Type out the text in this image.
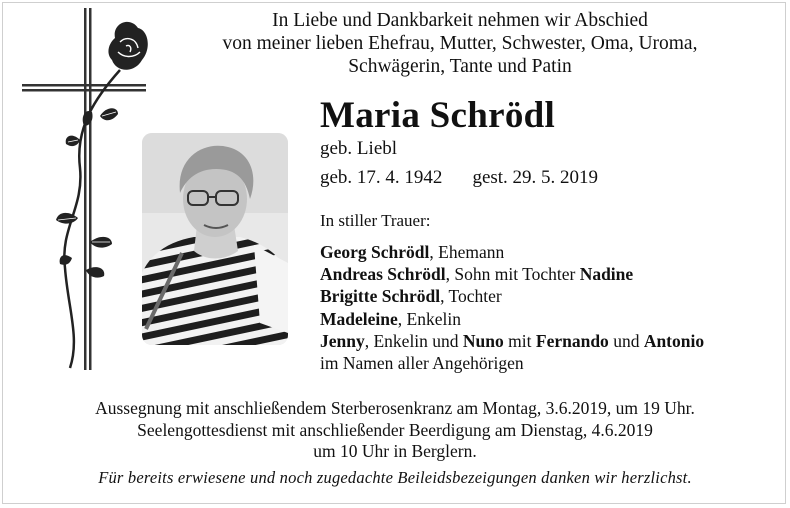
In Liebe und Dankbarkeit nehmen wir Abschied
von meiner lieben Ehefrau, Mutter, Schwester, Oma, Uroma,
Schwägerin, Tante und Patin
Maria Schrödl
geb. Liebl
geb. 17. 4. 1942 gest. 29. 5. 2019
In stiller Trauer:
Georg Schrödl, Ehemann
Andreas Schrödl, Sohn mit Tochter Nadine
Brigitte Schrödl, Tochter
Madeleine, Enkelin
Jenny, Enkelin und Nuno mit Fernando und Antonio
im Namen aller Angehörigen
Aussegnung mit anschließendem Sterberosenkranz am Montag, 3.6.2019, um 19 Uhr.
Seelengottesdienst mit anschließender Beerdigung am Dienstag, 4.6.2019
um 10 Uhr in Berglern.
Für bereits erwiesene und noch zugedachte Beileidsbezeigungen danken wir herzlichst.
